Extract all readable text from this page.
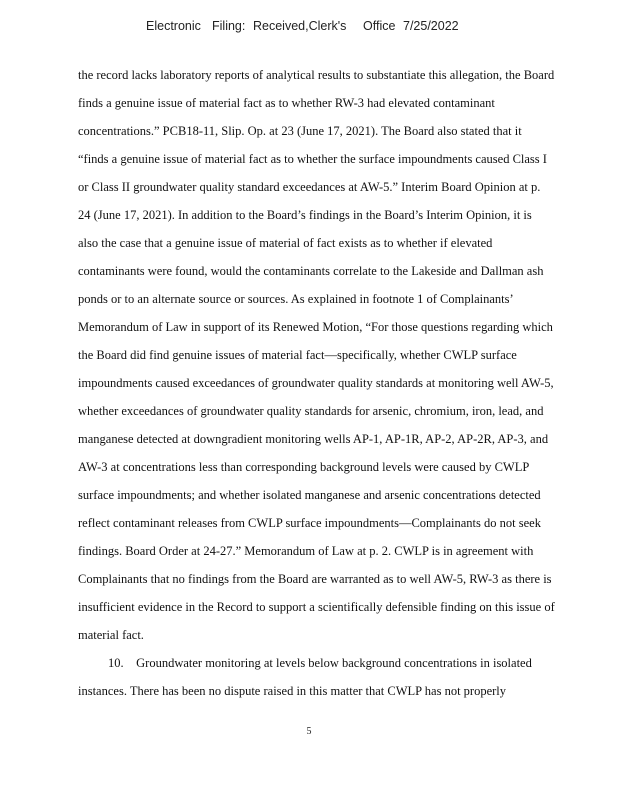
Electronic

Filing:

Received,Clerk's

Office

7/25/2022

the record lacks laboratory reports of analytical results to substantiate this allegation, the Board
finds a genuine issue of material fact as to whether RW-3 had elevated contaminant
concentrations.” PCB18-11, Slip. Op. at 23 (June 17, 2021). The Board also stated that it
“finds a genuine issue of material fact as to whether the surface impoundments caused Class I
or Class II groundwater quality standard exceedances at AW-5.” Interim Board Opinion at p.
24 (June 17, 2021). In addition to the Board’s findings in the Board’s Interim Opinion, it is
also the case that a genuine issue of material of fact exists as to whether if elevated
contaminants were found, would the contaminants correlate to the Lakeside and Dallman ash
ponds or to an alternate source or sources. As explained in footnote 1 of Complainants’
Memorandum of Law in support of its Renewed Motion, “For those questions regarding which
the Board did find genuine issues of material fact—specifically, whether CWLP surface
impoundments caused exceedances of groundwater quality standards at monitoring well AW-5,
whether exceedances of groundwater quality standards for arsenic, chromium, iron, lead, and
manganese detected at downgradient monitoring wells AP-1, AP-1R, AP-2, AP-2R, AP-3, and
AW-3 at concentrations less than corresponding background levels were caused by CWLP
surface impoundments; and whether isolated manganese and arsenic concentrations detected
reflect contaminant releases from CWLP surface impoundments—Complainants do not seek
findings. Board Order at 24-27.” Memorandum of Law at p. 2. CWLP is in agreement with
Complainants that no findings from the Board are warranted as to well AW-5, RW-3 as there is
insufficient evidence in the Record to support a scientifically defensible finding on this issue of
material fact.
10.    Groundwater monitoring at levels below background concentrations in isolated
instances. There has been no dispute raised in this matter that CWLP has not properly
5
